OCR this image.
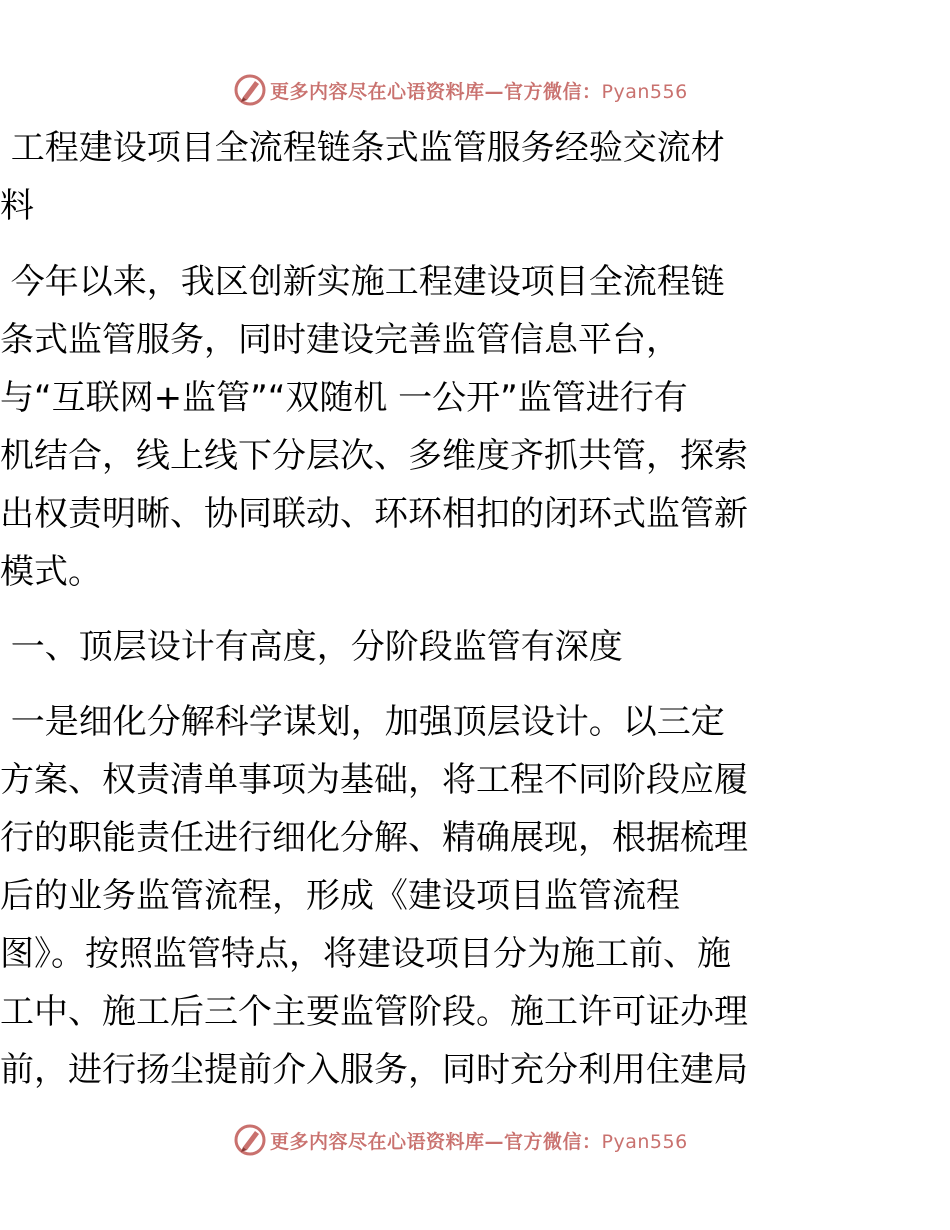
更多内容尽在心语资料库—官方微信：Pyan556
工程建设项目全流程链条式监管服务经验交流材
料
今年以来，我区创新实施工程建设项目全流程链
条式监管服务，同时建设完善监管信息平台，
与“互联网+监管”“双随机 一公开”监管进行有
机结合，线上线下分层次、多维度齐抓共管，探索
出权责明晰、协同联动、环环相扣的闭环式监管新
模式。
一、顶层设计有高度，分阶段监管有深度
一是细化分解科学谋划，加强顶层设计。以三定
方案、权责清单事项为基础，将工程不同阶段应履
行的职能责任进行细化分解、精确展现，根据梳理
后的业务监管流程，形成《建设项目监管流程
图》。按照监管特点，将建设项目分为施工前、施
工中、施工后三个主要监管阶段。施工许可证办理
前，进行扬尘提前介入服务，同时充分利用住建局
更多内容尽在心语资料库—官方微信：Pyan556
